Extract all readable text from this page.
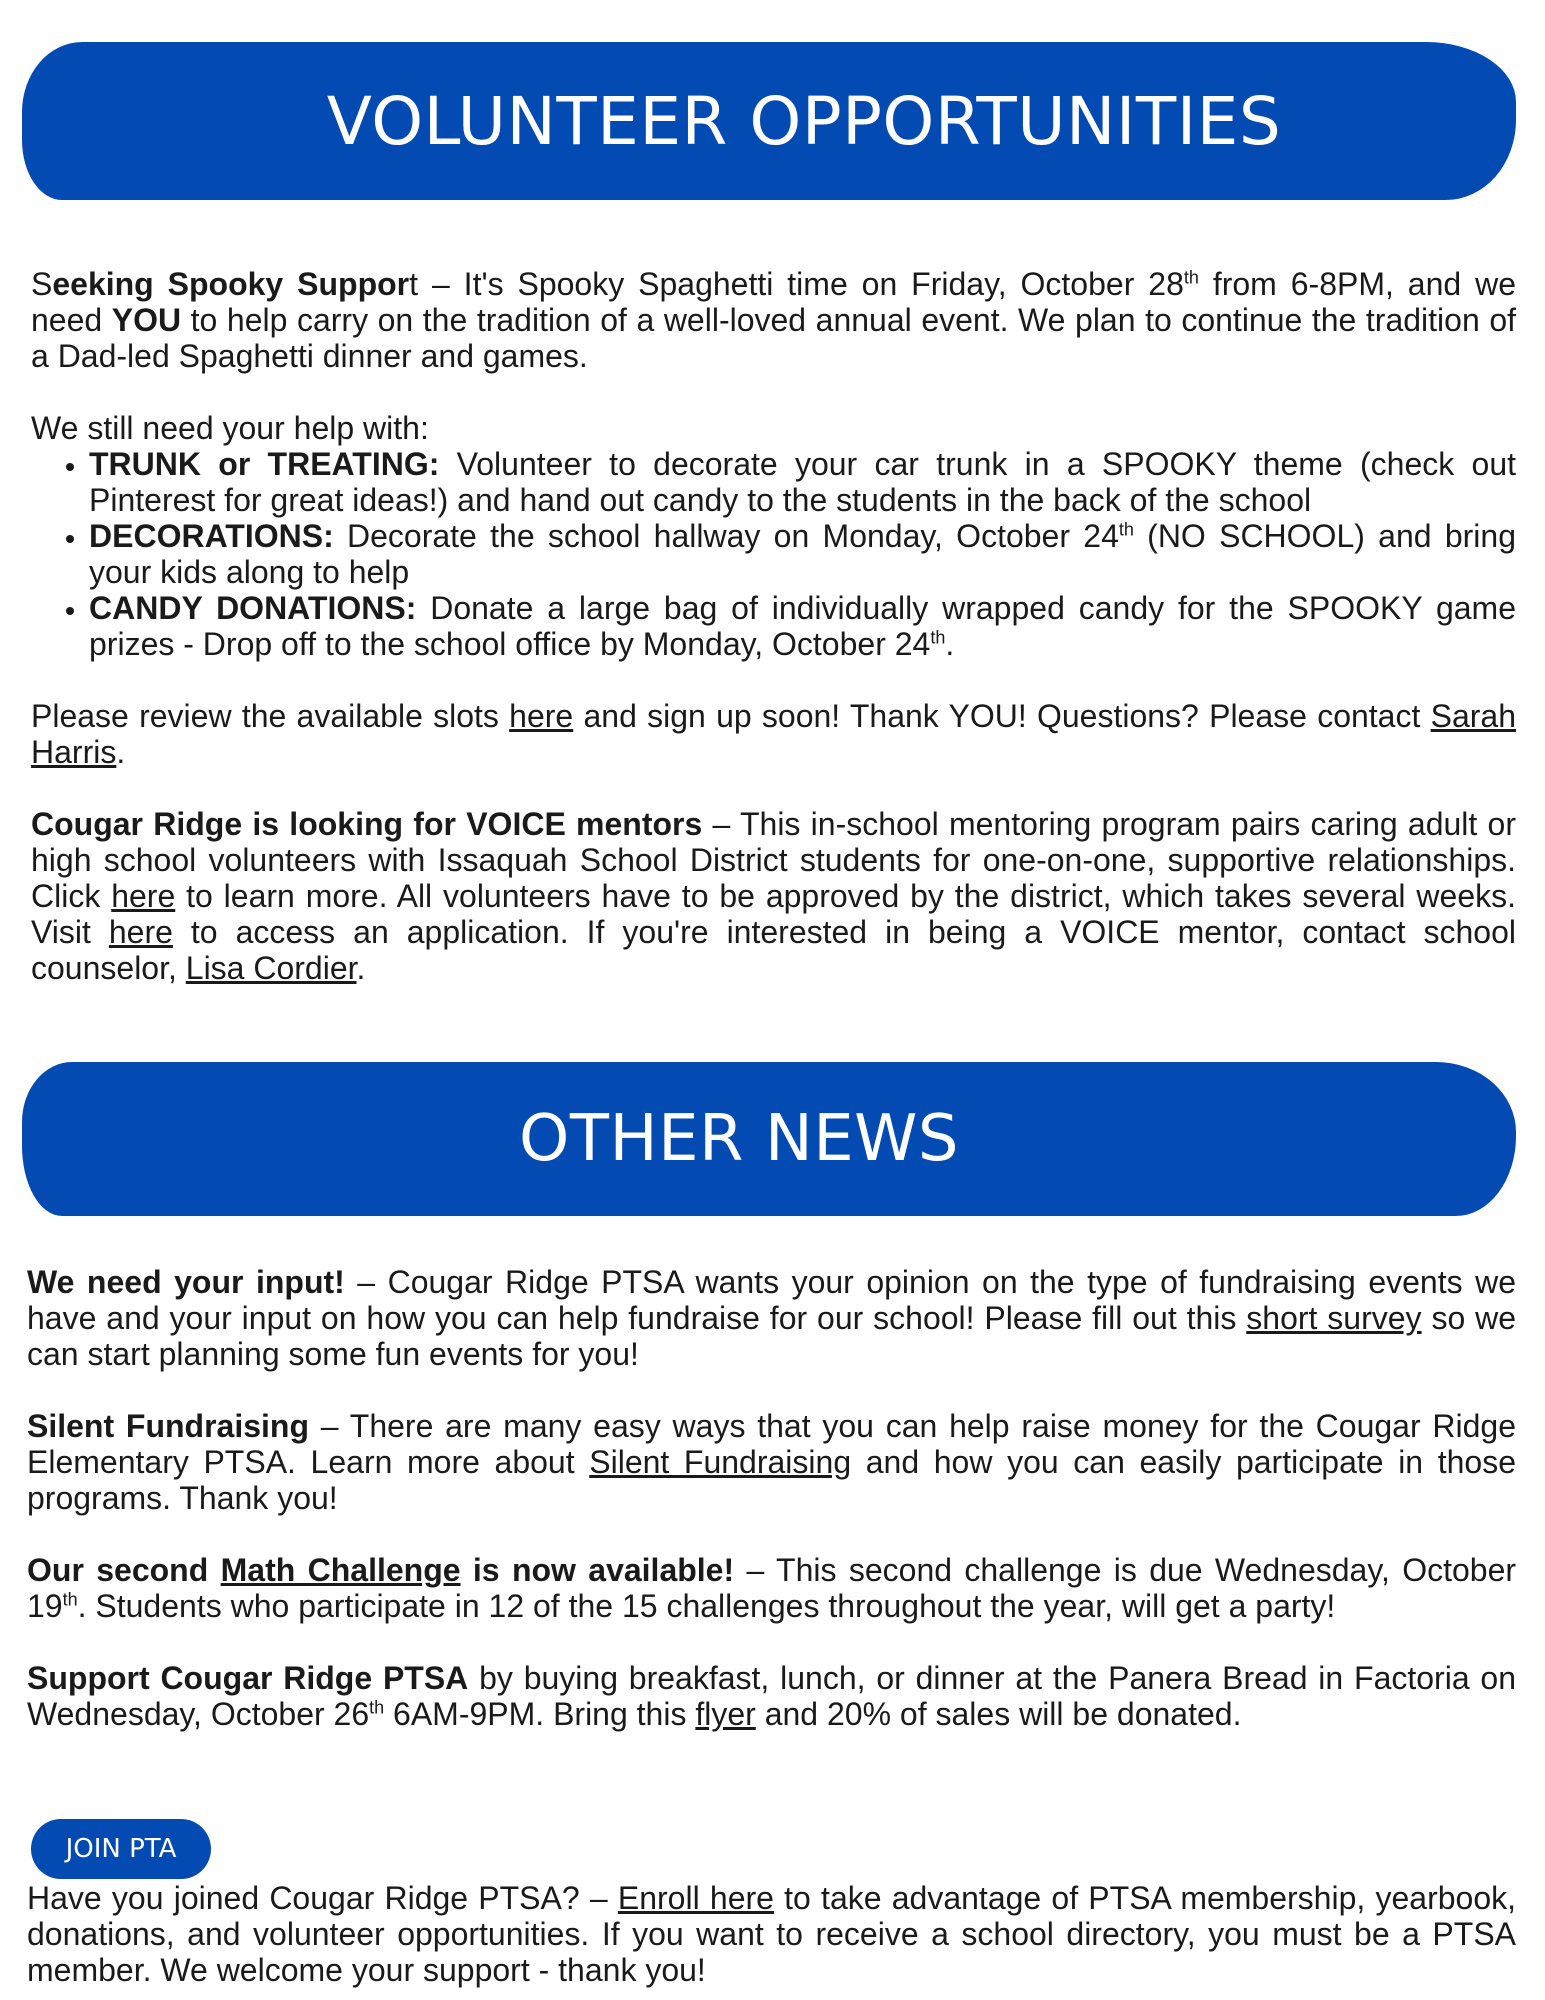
VOLUNTEER OPPORTUNITIES

Seeking Spooky Support – It's Spooky Spaghetti time on Friday, October 28th from 6-8PM, and we need YOU to help carry on the tradition of a well-loved annual event. We plan to continue the tradition of a Dad-led Spaghetti dinner and games.

We still need your help with:

• TRUNK or TREATING: Volunteer to decorate your car trunk in a SPOOKY theme (check out Pinterest for great ideas!) and hand out candy to the students in the back of the school
• DECORATIONS: Decorate the school hallway on Monday, October 24th (NO SCHOOL) and bring your kids along to help
• CANDY DONATIONS: Donate a large bag of individually wrapped candy for the SPOOKY game prizes - Drop off to the school office by Monday, October 24th.

Please review the available slots here and sign up soon! Thank YOU! Questions? Please contact Sarah Harris.

Cougar Ridge is looking for VOICE mentors – This in-school mentoring program pairs caring adult or high school volunteers with Issaquah School District students for one-on-one, supportive relationships. Click here to learn more. All volunteers have to be approved by the district, which takes several weeks. Visit here to access an application. If you're interested in being a VOICE mentor, contact school counselor, Lisa Cordier.

OTHER NEWS

We need your input! – Cougar Ridge PTSA wants your opinion on the type of fundraising events we have and your input on how you can help fundraise for our school! Please fill out this short survey so we can start planning some fun events for you!

Silent Fundraising – There are many easy ways that you can help raise money for the Cougar Ridge Elementary PTSA. Learn more about Silent Fundraising and how you can easily participate in those programs. Thank you!

Our second Math Challenge is now available! – This second challenge is due Wednesday, October 19th. Students who participate in 12 of the 15 challenges throughout the year, will get a party!

Support Cougar Ridge PTSA by buying breakfast, lunch, or dinner at the Panera Bread in Factoria on Wednesday, October 26th 6AM-9PM. Bring this flyer and 20% of sales will be donated.

JOIN PTA

Have you joined Cougar Ridge PTSA? – Enroll here to take advantage of PTSA membership, yearbook, donations, and volunteer opportunities. If you want to receive a school directory, you must be a PTSA member. We welcome your support - thank you!
